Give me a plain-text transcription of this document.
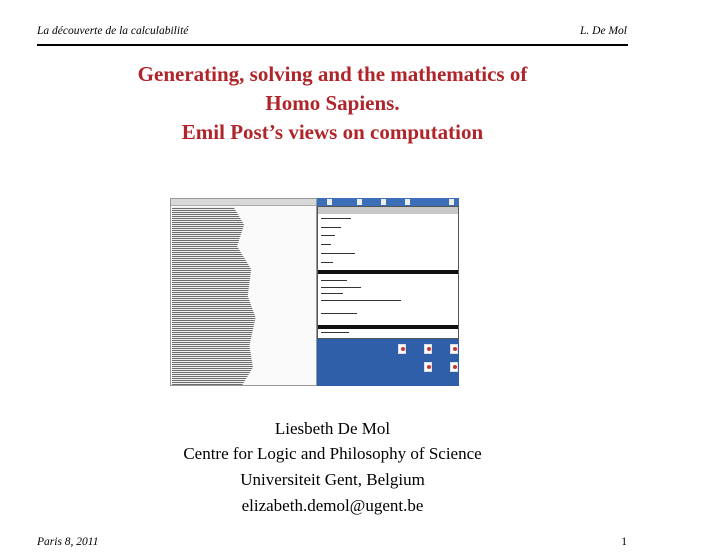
La découverte de la calculabilité	L. De Mol
Generating, solving and the mathematics of
Homo Sapiens.
Emil Post’s views on computation
Liesbeth De Mol
Centre for Logic and Philosophy of Science
Universiteit Gent, Belgium
elizabeth.demol@ugent.be
Paris 8, 2011	1
